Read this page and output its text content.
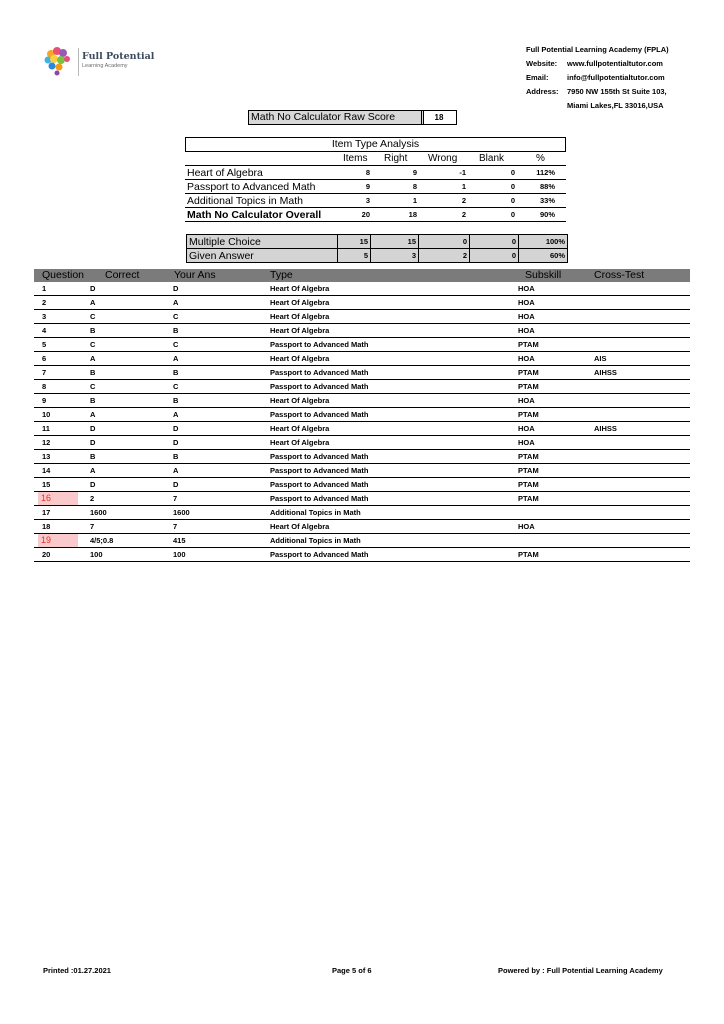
Full Potential
Learning Academy
Full Potential Learning Academy (FPLA)
Website:	www.fullpotentialtutor.com
Email:	info@fullpotentialtutor.com
Address:	7950 NW 155th St Suite 103,
Miami Lakes,FL 33016,USA
Math No Calculator Raw Score	18
Item Type Analysis
Items Right Wrong Blank	%
Heart of Algebra	8	9	-1	0	112%
Passport to Advanced Math	9	8	1	0	88%
Additional Topics in Math	3	1	2	0	33%
Math No Calculator Overall	20	18	2	0	90%
Multiple Choice	15	15	0	0	100%
Given Answer	5	3	2	0	60%
Question Correct	Your Ans	Type	Subskill	Cross-Test
1	D	D	Heart Of Algebra	HOA
2	A	A	Heart Of Algebra	HOA
3	C	C	Heart Of Algebra	HOA
4	B	B	Heart Of Algebra	HOA
5	C	C	Passport to Advanced Math	PTAM
6	A	A	Heart Of Algebra	HOA	AIS
7	B	B	Passport to Advanced Math	PTAM	AIHSS
8	C	C	Passport to Advanced Math	PTAM
9	B	B	Heart Of Algebra	HOA
10	A	A	Passport to Advanced Math	PTAM
11	D	D	Heart Of Algebra	HOA	AIHSS
12	D	D	Heart Of Algebra	HOA
13	B	B	Passport to Advanced Math	PTAM
14	A	A	Passport to Advanced Math	PTAM
15	D	D	Passport to Advanced Math	PTAM
16	2	7	Passport to Advanced Math	PTAM
17	1600	1600	Additional Topics in Math
18	7	7	Heart Of Algebra	HOA
19	4/5;0.8	415	Additional Topics in Math
20	100	100	Passport to Advanced Math	PTAM
Printed :01.27.2021	Page 5 of 6	Powered by : Full Potential Learning Academy
